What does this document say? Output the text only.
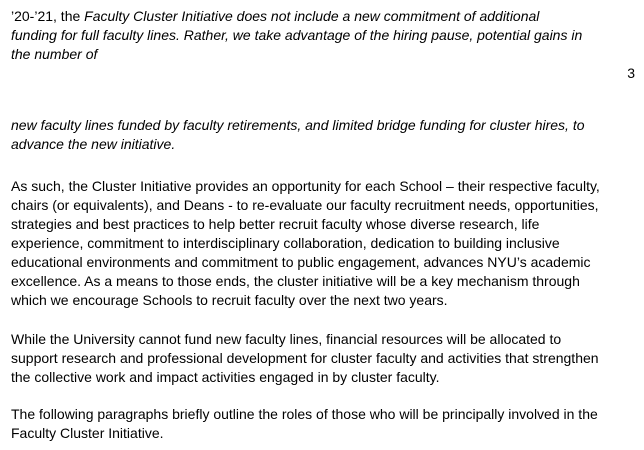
’20-’21, the Faculty Cluster Initiative does not include a new commitment of additional
funding for full faculty lines. Rather, we take advantage of the hiring pause, potential gains in
the number of

3

new faculty lines funded by faculty retirements, and limited bridge funding for cluster hires, to
advance the new initiative.

As such, the Cluster Initiative provides an opportunity for each School – their respective faculty,
chairs (or equivalents), and Deans - to re-evaluate our faculty recruitment needs, opportunities,
strategies and best practices to help better recruit faculty whose diverse research, life
experience, commitment to interdisciplinary collaboration, dedication to building inclusive
educational environments and commitment to public engagement, advances NYU’s academic
excellence. As a means to those ends, the cluster initiative will be a key mechanism through
which we encourage Schools to recruit faculty over the next two years.

While the University cannot fund new faculty lines, financial resources will be allocated to
support research and professional development for cluster faculty and activities that strengthen
the collective work and impact activities engaged in by cluster faculty.

The following paragraphs briefly outline the roles of those who will be principally involved in the
Faculty Cluster Initiative.
